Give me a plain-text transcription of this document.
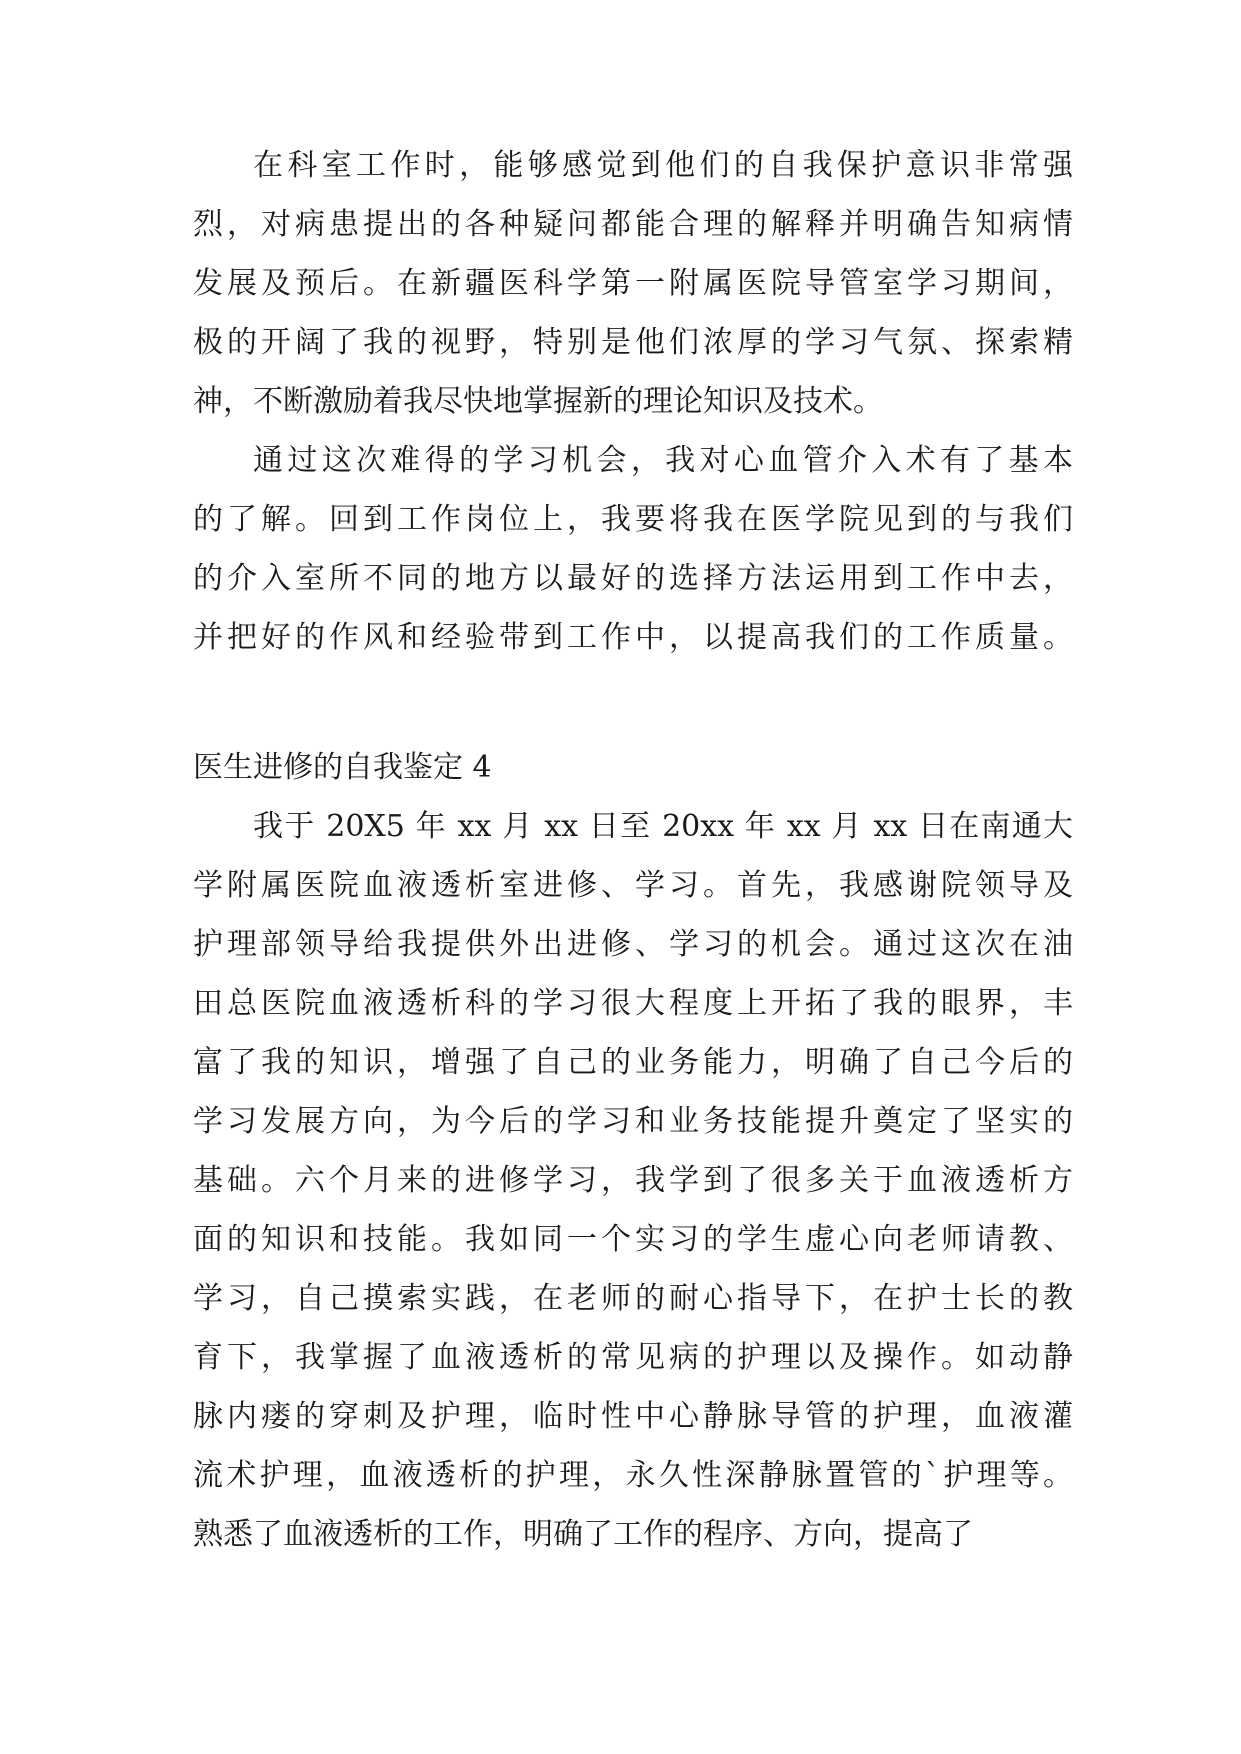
在科室工作时，能够感觉到他们的自我保护意识非常强
烈，对病患提出的各种疑问都能合理的解释并明确告知病情
发展及预后。在新疆医科学第一附属医院导管室学习期间，
极的开阔了我的视野，特别是他们浓厚的学习气氛、探索精
神，不断激励着我尽快地掌握新的理论知识及技术。
通过这次难得的学习机会，我对心血管介入术有了基本
的了解。回到工作岗位上，我要将我在医学院见到的与我们
的介入室所不同的地方以最好的选择方法运用到工作中去，
并把好的作风和经验带到工作中，以提高我们的工作质量。
医生进修的自我鉴定 4
我于 20X5 年 xx 月 xx 日至 20xx 年 xx 月 xx 日在南通大
学附属医院血液透析室进修、学习。首先，我感谢院领导及
护理部领导给我提供外出进修、学习的机会。通过这次在油
田总医院血液透析科的学习很大程度上开拓了我的眼界，丰
富了我的知识，增强了自己的业务能力，明确了自己今后的
学习发展方向，为今后的学习和业务技能提升奠定了坚实的
基础。六个月来的进修学习，我学到了很多关于血液透析方
面的知识和技能。我如同一个实习的学生虚心向老师请教、
学习，自己摸索实践，在老师的耐心指导下，在护士长的教
育下，我掌握了血液透析的常见病的护理以及操作。如动静
脉内瘘的穿刺及护理，临时性中心静脉导管的护理，血液灌
流术护理，血液透析的护理，永久性深静脉置管的`护理等。
熟悉了血液透析的工作，明确了工作的程序、方向，提高了
